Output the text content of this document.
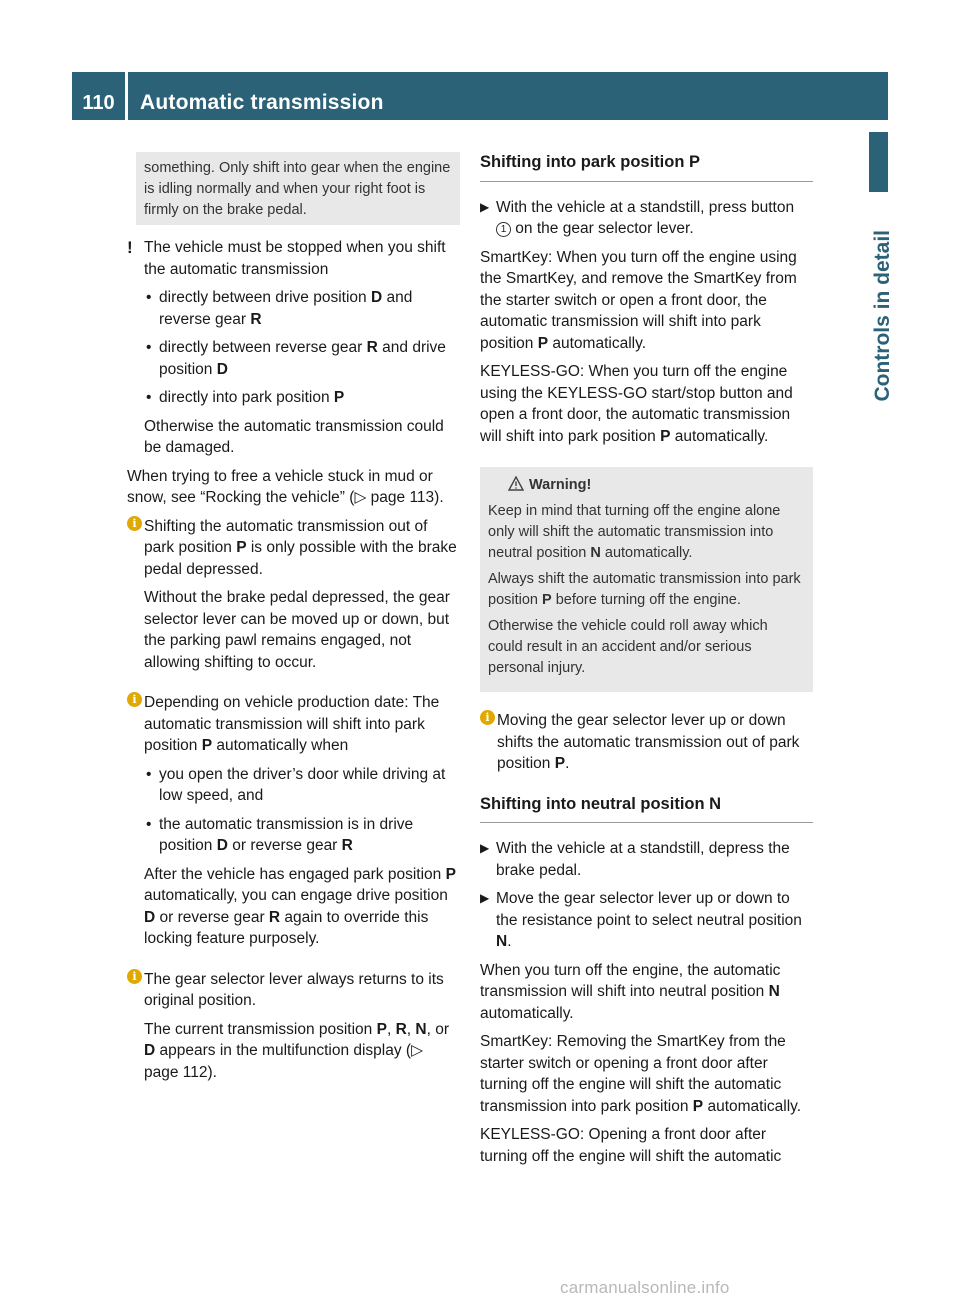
110	Automatic transmission
Controls in detail

something. Only shift into gear when the engine is idling normally and when your right foot is firmly on the brake pedal.

! The vehicle must be stopped when you shift the automatic transmission
• directly between drive position D and reverse gear R
• directly between reverse gear R and drive position D
• directly into park position P
Otherwise the automatic transmission could be damaged.

When trying to free a vehicle stuck in mud or snow, see “Rocking the vehicle” (▷ page 113).

i Shifting the automatic transmission out of park position P is only possible with the brake pedal depressed.
Without the brake pedal depressed, the gear selector lever can be moved up or down, but the parking pawl remains engaged, not allowing shifting to occur.
i Depending on vehicle production date: The automatic transmission will shift into park position P automatically when
• you open the driver’s door while driving at low speed, and
• the automatic transmission is in drive position D or reverse gear R
After the vehicle has engaged park position P automatically, you can engage drive position D or reverse gear R again to override this locking feature purposely.
i The gear selector lever always returns to its original position.
The current transmission position P, R, N, or D appears in the multifunction display (▷ page 112).
Shifting into park position P
▶ With the vehicle at a standstill, press button 1 on the gear selector lever.

SmartKey: When you turn off the engine using the SmartKey, and remove the SmartKey from the starter switch or open a front door, the automatic transmission will shift into park position P automatically.

KEYLESS-GO: When you turn off the engine using the KEYLESS-GO start/stop button and open a front door, the automatic transmission will shift into park position P automatically.

Warning!

Keep in mind that turning off the engine alone only will shift the automatic transmission into neutral position N automatically.

Always shift the automatic transmission into park position P before turning off the engine.

Otherwise the vehicle could roll away which could result in an accident and/or serious personal injury.

i Moving the gear selector lever up or down shifts the automatic transmission out of park position P.
Shifting into neutral position N
▶ With the vehicle at a standstill, depress the brake pedal.
▶ Move the gear selector lever up or down to the resistance point to select neutral position N.

When you turn off the engine, the automatic transmission will shift into neutral position N automatically.

SmartKey: Removing the SmartKey from the starter switch or opening a front door after turning off the engine will shift the automatic transmission into park position P automatically.

KEYLESS-GO: Opening a front door after turning off the engine will shift the automatic

carmanualsonline.info
